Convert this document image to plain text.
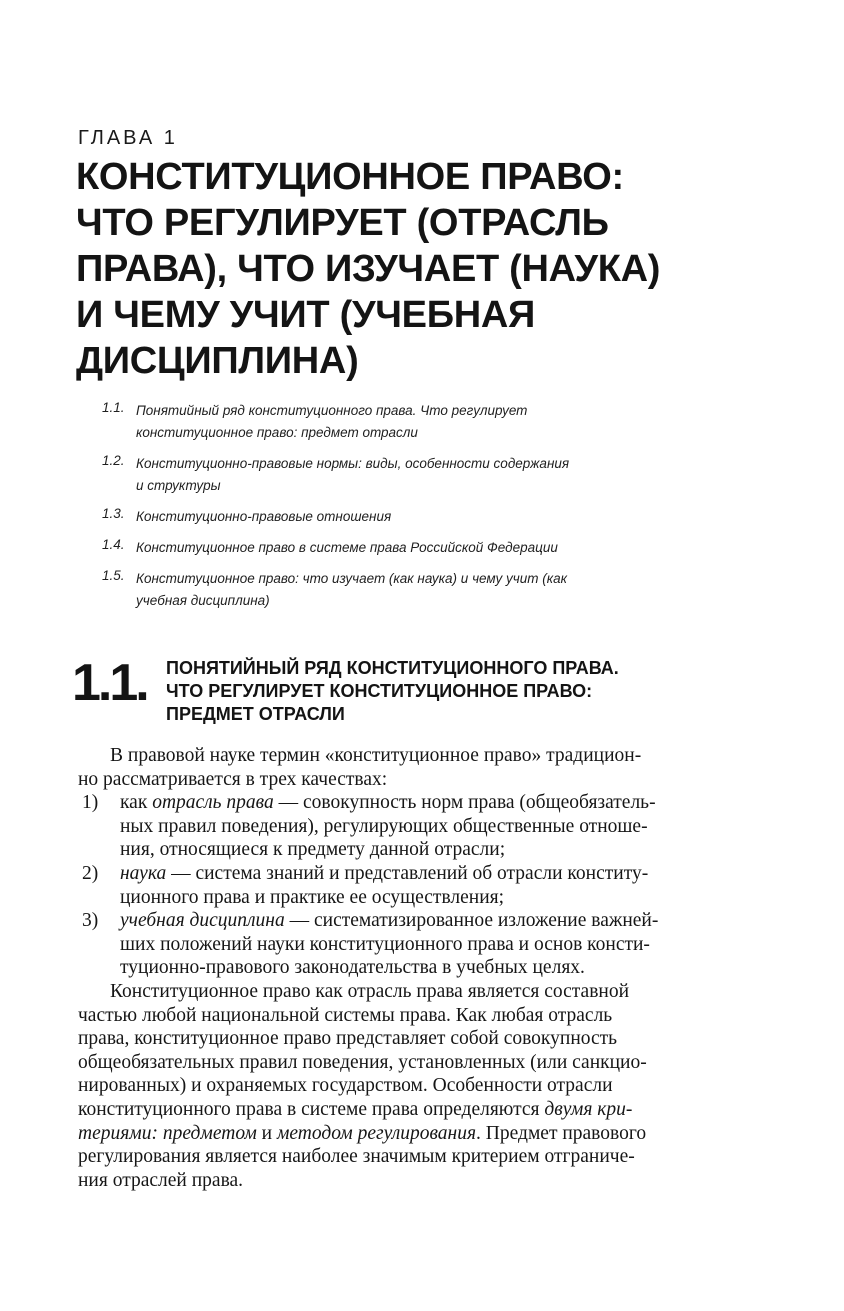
ГЛАВА 1
КОНСТИТУЦИОННОЕ ПРАВО:
ЧТО РЕГУЛИРУЕТ (ОТРАСЛЬ
ПРАВА), ЧТО ИЗУЧАЕТ (НАУКА)
И ЧЕМУ УЧИТ (УЧЕБНАЯ
ДИСЦИПЛИНА)
1.1. Понятийный ряд конституционного права. Что регулирует
конституционное право: предмет отрасли
1.2. Конституционно-правовые нормы: виды, особенности содержания
и структуры
1.3. Конституционно-правовые отношения
1.4. Конституционное право в системе права Российской Федерации
1.5. Конституционное право: что изучает (как наука) и чему учит (как
учебная дисциплина)
1.1. ПОНЯТИЙНЫЙ РЯД КОНСТИТУЦИОННОГО ПРАВА.
ЧТО РЕГУЛИРУЕТ КОНСТИТУЦИОННОЕ ПРАВО:
ПРЕДМЕТ ОТРАСЛИ
В правовой науке термин «конституционное право» традицион-
но рассматривается в трех качествах:
1) как отрасль права — совокупность норм права (общеобязатель-
ных правил поведения), регулирующих общественные отноше-
ния, относящиеся к предмету данной отрасли;
2) наука — система знаний и представлений об отрасли конститу-
ционного права и практике ее осуществления;
3) учебная дисциплина — систематизированное изложение важней-
ших положений науки конституционного права и основ консти-
туционно-правового законодательства в учебных целях.
Конституционное право как отрасль права является составной
частью любой национальной системы права. Как любая отрасль
права, конституционное право представляет собой совокупность
общеобязательных правил поведения, установленных (или санкцио-
нированных) и охраняемых государством. Особенности отрасли
конституционного права в системе права определяются двумя кри-
териями: предметом и методом регулирования. Предмет правового
регулирования является наиболее значимым критерием отграниче-
ния отраслей права.
